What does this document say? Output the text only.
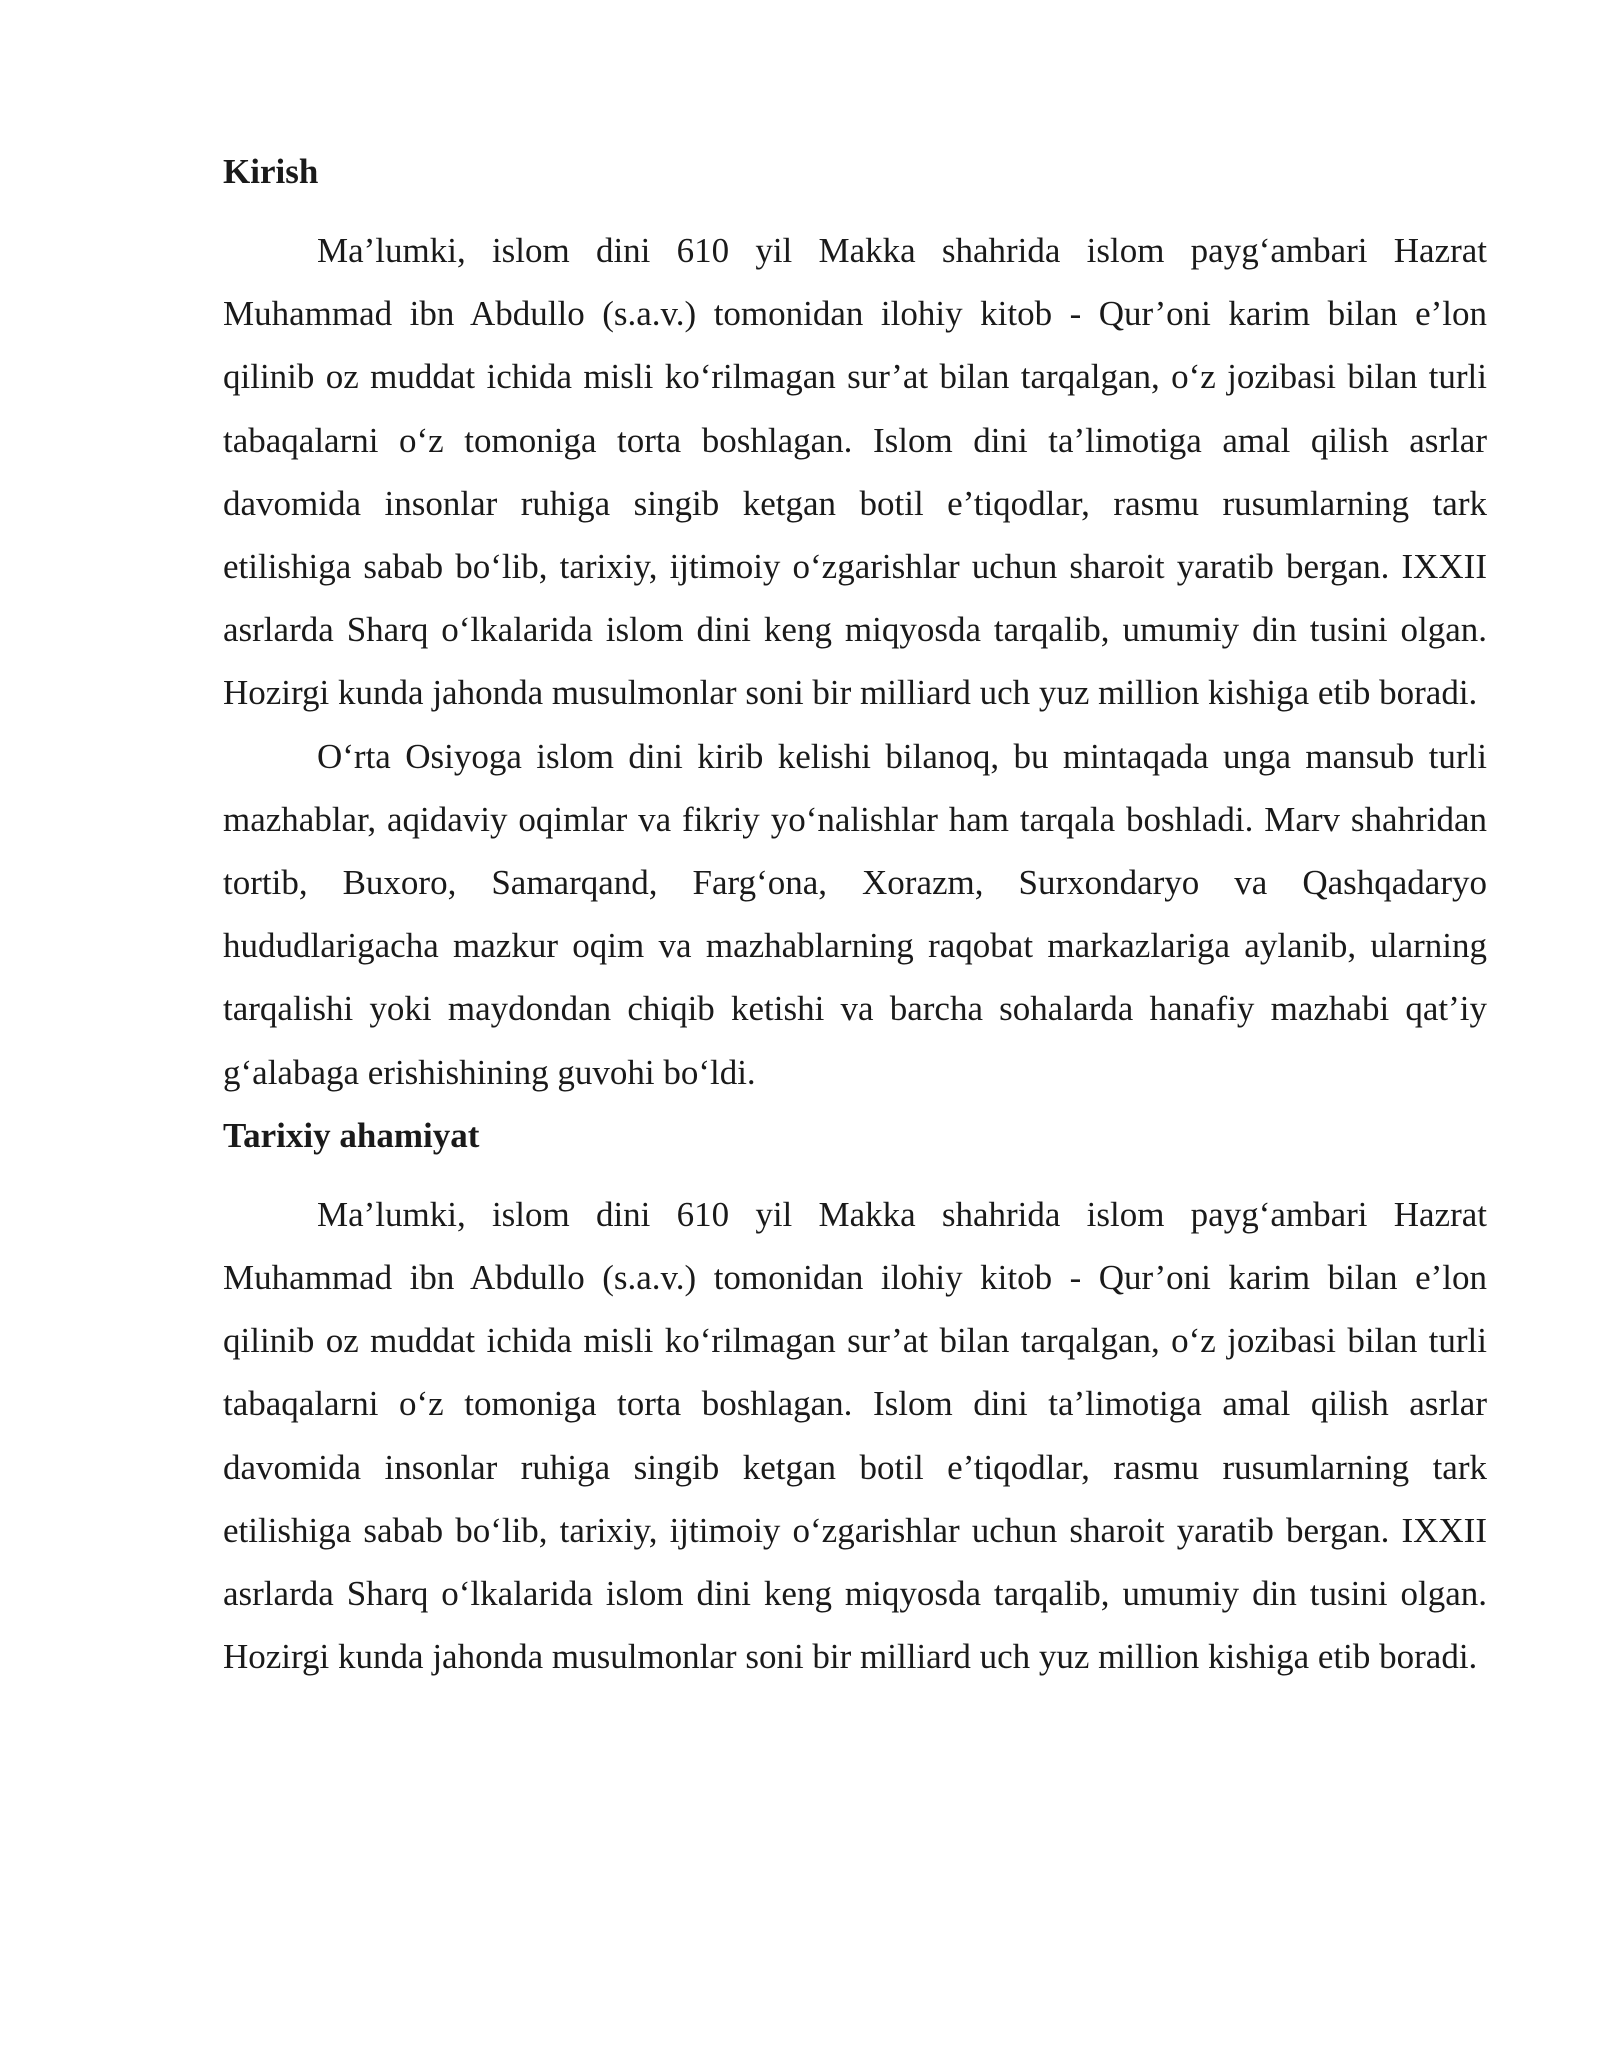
Kirish

Ma’lumki, islom dini 610 yil Makka shahrida islom payg‘ambari Hazrat Muhammad ibn Abdullo (s.a.v.) tomonidan ilohiy kitob - Qur’oni karim bilan e’lon qilinib oz muddat ichida misli ko‘rilmagan sur’at bilan tarqalgan, o‘z jozibasi bilan turli tabaqalarni o‘z tomoniga torta boshlagan. Islom dini ta’limotiga amal qilish asrlar davomida insonlar ruhiga singib ketgan botil e’tiqodlar, rasmu rusumlarning tark etilishiga sabab bo‘lib, tarixiy, ijtimoiy o‘zgarishlar uchun sharoit yaratib bergan. IXXII asrlarda Sharq o‘lkalarida islom dini keng miqyosda tarqalib, umumiy din tusini olgan. Hozirgi kunda jahonda musulmonlar soni bir milliard uch yuz million kishiga etib boradi.

O‘rta Osiyoga islom dini kirib kelishi bilanoq, bu mintaqada unga mansub turli mazhablar, aqidaviy oqimlar va fikriy yo‘nalishlar ham tarqala boshladi. Marv shahridan tortib, Buxoro, Samarqand, Farg‘ona, Xorazm, Surxondaryo va Qashqadaryo hududlarigacha mazkur oqim va mazhablarning raqobat markazlariga aylanib, ularning tarqalishi yoki maydondan chiqib ketishi va barcha sohalarda hanafiy mazhabi qat’iy g‘alabaga erishishining guvohi bo‘ldi.

Tarixiy ahamiyat

Ma’lumki, islom dini 610 yil Makka shahrida islom payg‘ambari Hazrat Muhammad ibn Abdullo (s.a.v.) tomonidan ilohiy kitob - Qur’oni karim bilan e’lon qilinib oz muddat ichida misli ko‘rilmagan sur’at bilan tarqalgan, o‘z jozibasi bilan turli tabaqalarni o‘z tomoniga torta boshlagan. Islom dini ta’limotiga amal qilish asrlar davomida insonlar ruhiga singib ketgan botil e’tiqodlar, rasmu rusumlarning tark etilishiga sabab bo‘lib, tarixiy, ijtimoiy o‘zgarishlar uchun sharoit yaratib bergan. IXXII asrlarda Sharq o‘lkalarida islom dini keng miqyosda tarqalib, umumiy din tusini olgan. Hozirgi kunda jahonda musulmonlar soni bir milliard uch yuz million kishiga etib boradi.
